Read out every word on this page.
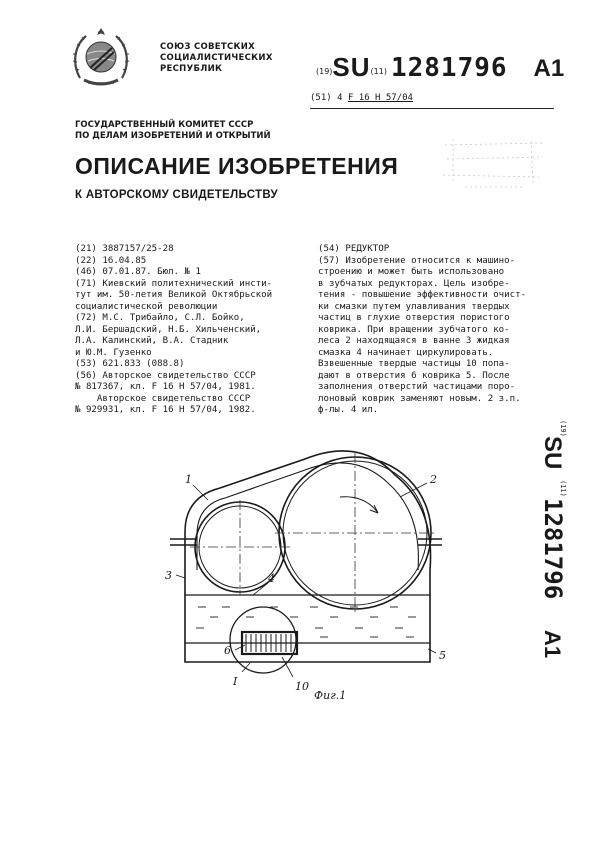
СОЮЗ СОВЕТСКИХ
СОЦИАЛИСТИЧЕСКИХ
РЕСПУБЛИК	(19)SU(11) 1281796 A1
(51) 4 F 16 H 57/04
ГОСУДАРСТВЕННЫЙ КОМИТЕТ СССР
ПО ДЕЛАМ ИЗОБРЕТЕНИЙ И ОТКРЫТИЙ
ОПИСАНИЕ ИЗОБРЕТЕНИЯ
К АВТОРСКОМУ СВИДЕТЕЛЬСТВУ
(21) 3887157/25-28
(22) 16.04.85
(46) 07.01.87. Бюл. № 1
(71) Киевский политехнический инсти-
тут им. 50-летия Великой Октябрьской
социалистической революции
(72) М.С. Трибайло, С.Л. Бойко,
Л.И. Бершадский, Н.Б. Хильченский,
Л.А. Калинский, В.А. Стадник
и Ю.М. Гузенко
(53) 621.833 (088.8)
(56) Авторское свидетельство СССР
№ 817367, кл. F 16 H 57/04, 1981.
Авторское свидетельство СССР
№ 929931, кл. F 16 H 57/04, 1982.
(54) РЕДУКТОР
(57) Изобретение относится к машино-
строению и может быть использовано
в зубчатых редукторах. Цель изобре-
тения - повышение эффективности очист-
ки смазки путем улавливания твердых
частиц в глухие отверстия пористого
коврика. При вращении зубчатого ко-
леса 2 находящаяся в ванне 3 жидкая
смазка 4 начинает циркулировать.
Взвешенные твердые частицы 10 попа-
дают в отверстия 6 коврика 5. После
заполнения отверстий частицами поро-
лоновый коврик заменяют новым. 2 з.п.
ф-лы. 4 ил.
(19)
SU
(11)
1281796
A1
1	2
3	4
5
6
10
I
Фиг.1
